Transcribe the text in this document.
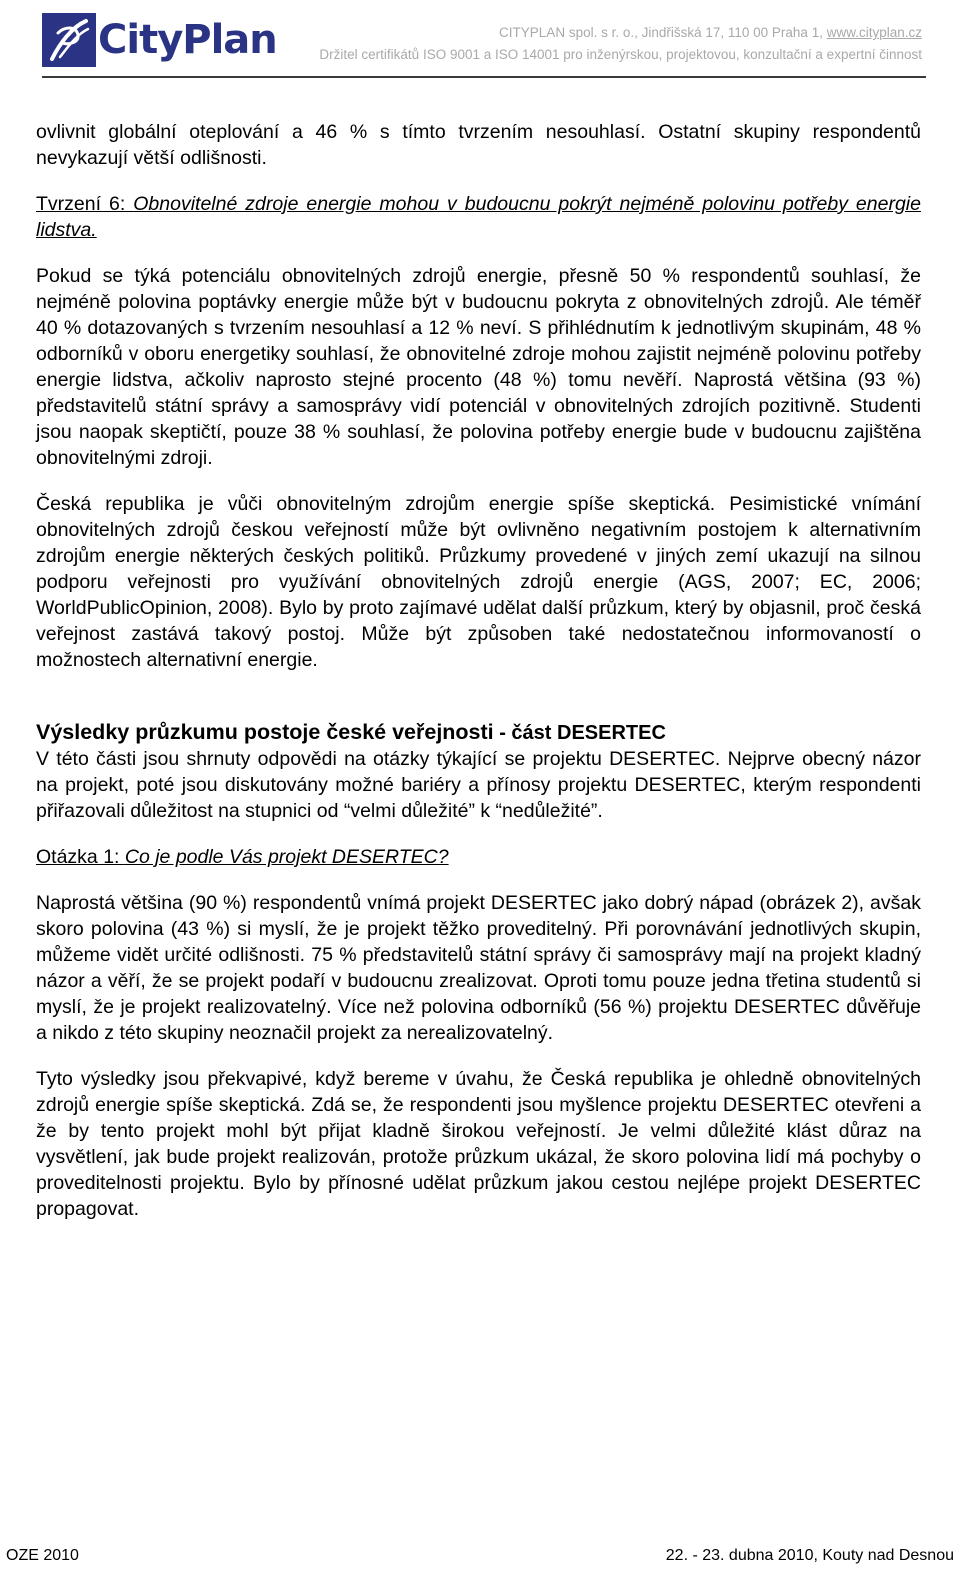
CityPlan	CITYPLAN spol. s r. o., Jindřišská 17, 110 00 Praha 1, www.cityplan.cz
Držitel certifikátů ISO 9001 a ISO 14001 pro inženýrskou, projektovou, konzultační a expertní činnost

ovlivnit globální oteplování a 46 % s tímto tvrzením nesouhlasí. Ostatní skupiny respondentů nevykazují větší odlišnosti.

Tvrzení 6: Obnovitelné zdroje energie mohou v budoucnu pokrýt nejméně polovinu potřeby energie lidstva.

Pokud se týká potenciálu obnovitelných zdrojů energie, přesně 50 % respondentů souhlasí, že nejméně polovina poptávky energie může být v budoucnu pokryta z obnovitelných zdrojů. Ale téměř 40 % dotazovaných s tvrzením nesouhlasí a 12 % neví. S přihlédnutím k jednotlivým skupinám, 48 % odborníků v oboru energetiky souhlasí, že obnovitelné zdroje mohou zajistit nejméně polovinu potřeby energie lidstva, ačkoliv naprosto stejné procento (48 %) tomu nevěří. Naprostá většina (93 %) představitelů státní správy a samosprávy vidí potenciál v obnovitelných zdrojích pozitivně. Studenti jsou naopak skeptičtí, pouze 38 % souhlasí, že polovina potřeby energie bude v budoucnu zajištěna obnovitelnými zdroji.

Česká republika je vůči obnovitelným zdrojům energie spíše skeptická. Pesimistické vnímání obnovitelných zdrojů českou veřejností může být ovlivněno negativním postojem k alternativním zdrojům energie některých českých politiků. Průzkumy provedené v jiných zemí ukazují na silnou podporu veřejnosti pro využívání obnovitelných zdrojů energie (AGS, 2007; EC, 2006; WorldPublicOpinion, 2008). Bylo by proto zajímavé udělat další průzkum, který by objasnil, proč česká veřejnost zastává takový postoj. Může být způsoben také nedostatečnou informovaností o možnostech alternativní energie.

Výsledky průzkumu postoje české veřejnosti - část DESERTEC

V této části jsou shrnuty odpovědi na otázky týkající se projektu DESERTEC. Nejprve obecný názor na projekt, poté jsou diskutovány možné bariéry a přínosy projektu DESERTEC, kterým respondenti přiřazovali důležitost na stupnici od “velmi důležité” k “nedůležité”.

Otázka 1: Co je podle Vás projekt DESERTEC?

Naprostá většina (90 %) respondentů vnímá projekt DESERTEC jako dobrý nápad (obrázek 2), avšak skoro polovina (43 %) si myslí, že je projekt těžko proveditelný. Při porovnávání jednotlivých skupin, můžeme vidět určité odlišnosti. 75 % představitelů státní správy či samosprávy mají na projekt kladný názor a věří, že se projekt podaří v budoucnu zrealizovat. Oproti tomu pouze jedna třetina studentů si myslí, že je projekt realizovatelný. Více než polovina odborníků (56 %) projektu DESERTEC důvěřuje a nikdo z této skupiny neoznačil projekt za nerealizovatelný.

Tyto výsledky jsou překvapivé, když bereme v úvahu, že Česká republika je ohledně obnovitelných zdrojů energie spíše skeptická. Zdá se, že respondenti jsou myšlence projektu DESERTEC otevřeni a že by tento projekt mohl být přijat kladně širokou veřejností. Je velmi důležité klást důraz na vysvětlení, jak bude projekt realizován, protože průzkum ukázal, že skoro polovina lidí má pochyby o proveditelnosti projektu. Bylo by přínosné udělat průzkum jakou cestou nejlépe projekt DESERTEC propagovat.

OZE 2010	22. - 23. dubna 2010, Kouty nad Desnou
